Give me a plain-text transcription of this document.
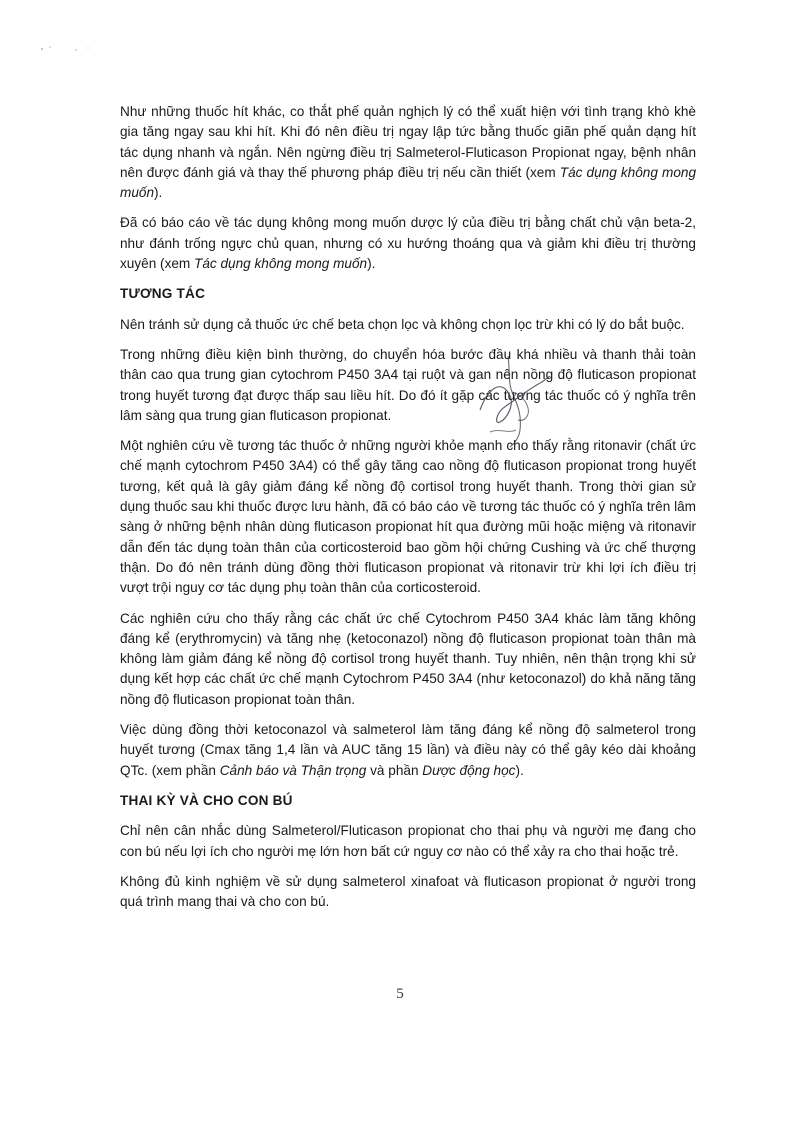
Như những thuốc hít khác, co thắt phế quản nghịch lý có thể xuất hiện với tình trạng khò khè gia tăng ngay sau khi hít. Khi đó nên điều trị ngay lập tức bằng thuốc giãn phế quản dạng hít tác dụng nhanh và ngắn. Nên ngừng điều trị Salmeterol-Fluticason Propionat ngay, bệnh nhân nên được đánh giá và thay thế phương pháp điều trị nếu cần thiết (xem Tác dụng không mong muốn).

Đã có báo cáo về tác dụng không mong muốn dược lý của điều trị bằng chất chủ vận beta-2, như đánh trống ngực chủ quan, nhưng có xu hướng thoáng qua và giảm khi điều trị thường xuyên (xem Tác dụng không mong muốn).

TƯƠNG TÁC

Nên tránh sử dụng cả thuốc ức chế beta chọn lọc và không chọn lọc trừ khi có lý do bắt buộc.

Trong những điều kiện bình thường, do chuyển hóa bước đầu khá nhiều và thanh thải toàn thân cao qua trung gian cytochrom P450 3A4 tại ruột và gan nên nồng độ fluticason propionat trong huyết tương đạt được thấp sau liều hít. Do đó ít gặp các tương tác thuốc có ý nghĩa trên lâm sàng qua trung gian fluticason propionat.

Một nghiên cứu về tương tác thuốc ở những người khỏe mạnh cho thấy rằng ritonavir (chất ức chế mạnh cytochrom P450 3A4) có thể gây tăng cao nồng độ fluticason propionat trong huyết tương, kết quả là gây giảm đáng kể nồng độ cortisol trong huyết thanh. Trong thời gian sử dụng thuốc sau khi thuốc được lưu hành, đã có báo cáo về tương tác thuốc có ý nghĩa trên lâm sàng ở những bệnh nhân dùng fluticason propionat hít qua đường mũi hoặc miệng và ritonavir dẫn đến tác dụng toàn thân của corticosteroid bao gồm hội chứng Cushing và ức chế thượng thận. Do đó nên tránh dùng đồng thời fluticason propionat và ritonavir trừ khi lợi ích điều trị vượt trội nguy cơ tác dụng phụ toàn thân của corticosteroid.

Các nghiên cứu cho thấy rằng các chất ức chế Cytochrom P450 3A4 khác làm tăng không đáng kể (erythromycin) và tăng nhẹ (ketoconazol) nồng độ fluticason propionat toàn thân mà không làm giảm đáng kể nồng độ cortisol trong huyết thanh. Tuy nhiên, nên thận trọng khi sử dụng kết hợp các chất ức chế mạnh Cytochrom P450 3A4 (như ketoconazol) do khả năng tăng nồng độ fluticason propionat toàn thân.

Việc dùng đồng thời ketoconazol và salmeterol làm tăng đáng kể nồng độ salmeterol trong huyết tương (Cmax tăng 1,4 lần và AUC tăng 15 lần) và điều này có thể gây kéo dài khoảng QTc. (xem phần Cảnh báo và Thận trọng và phần Dược động học).

THAI KỲ VÀ CHO CON BÚ

Chỉ nên cân nhắc dùng Salmeterol/Fluticason propionat cho thai phụ và người mẹ đang cho con bú nếu lợi ích cho người mẹ lớn hơn bất cứ nguy cơ nào có thể xảy ra cho thai hoặc trẻ.

Không đủ kinh nghiệm về sử dụng salmeterol xinafoat và fluticason propionat ở người trong quá trình mang thai và cho con bú.

5
